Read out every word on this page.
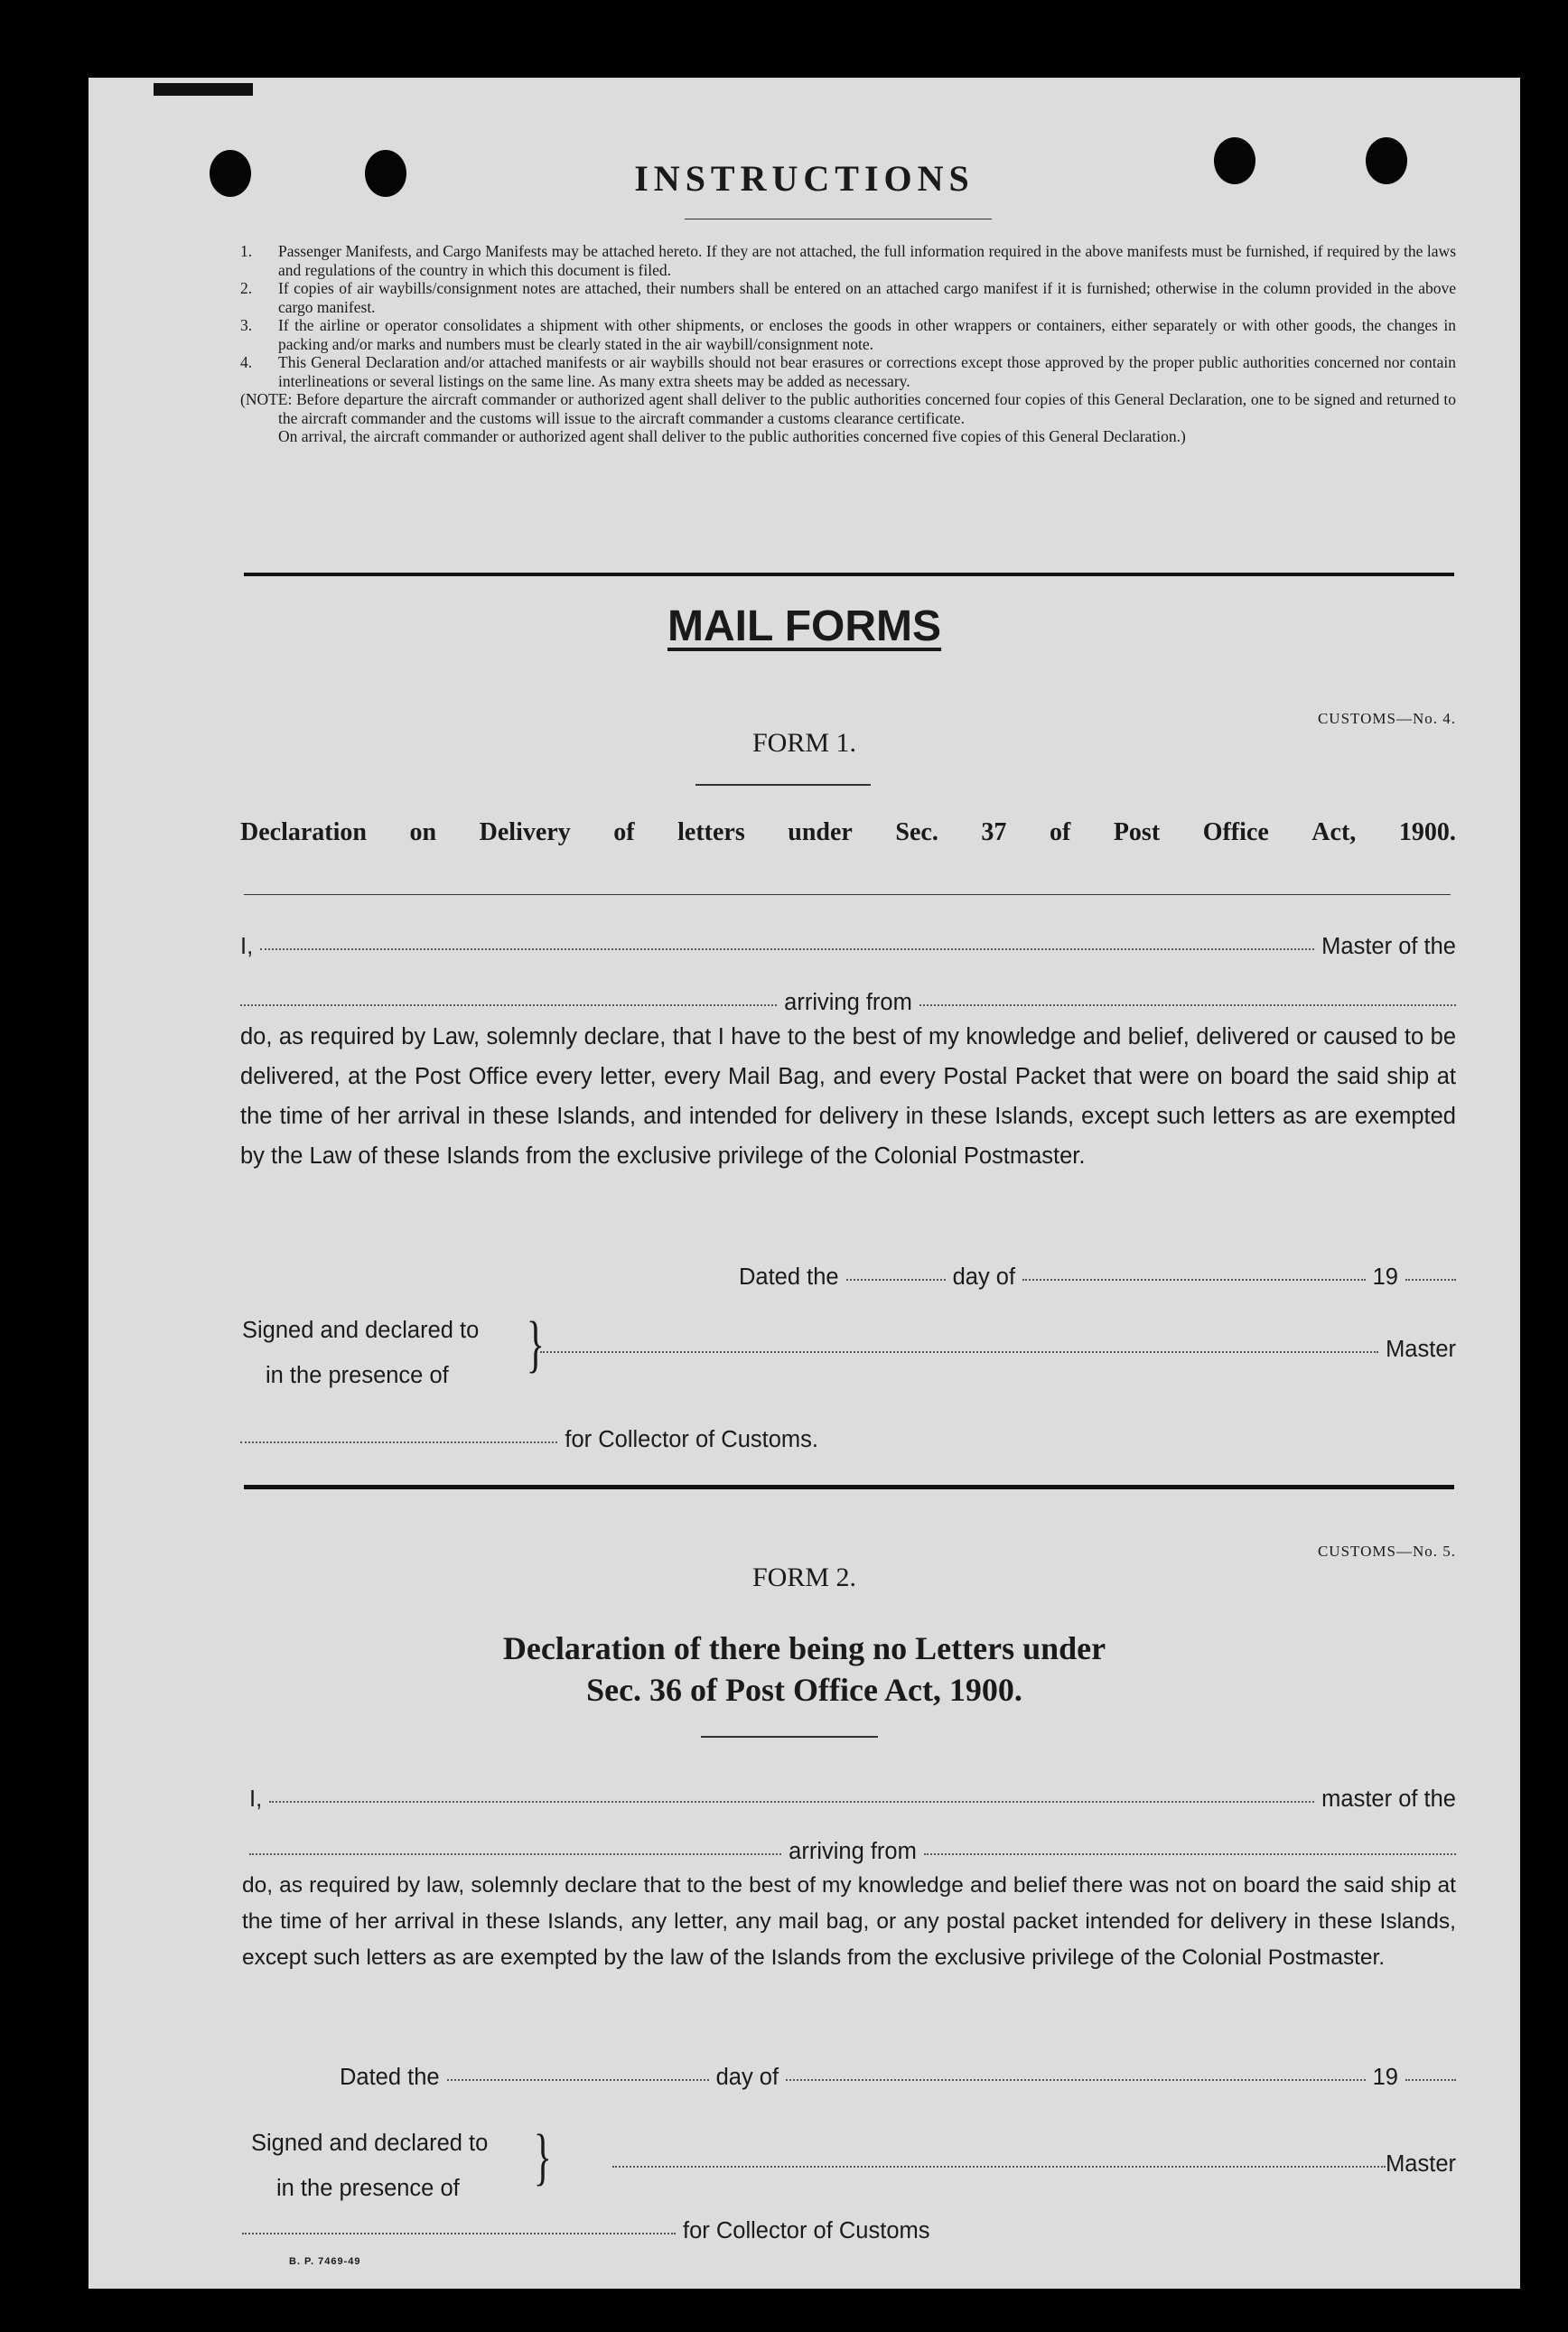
INSTRUCTIONS
1.	Passenger Manifests, and Cargo Manifests may be attached hereto. If they are not attached, the full information required in the above manifests must be furnished, if required by the laws and regulations of the country in which this document is filed.
2.	If copies of air waybills/consignment notes are attached, their numbers shall be entered on an attached cargo manifest if it is furnished; otherwise in the column provided in the above cargo manifest.
3.	If the airline or operator consolidates a shipment with other shipments, or encloses the goods in other wrappers or containers, either separately or with other goods, the changes in packing and/or marks and numbers must be clearly stated in the air waybill/consignment note.
4.	This General Declaration and/or attached manifests or air waybills should not bear erasures or corrections except those approved by the proper public authorities concerned nor contain interlineations or several listings on the same line. As many extra sheets may be added as necessary.
(NOTE: Before departure the aircraft commander or authorized agent shall deliver to the public authorities concerned four copies of this General Declaration, one to be signed and returned to the aircraft commander and the customs will issue to the aircraft commander a customs clearance certificate.
On arrival, the aircraft commander or authorized agent shall deliver to the public authorities concerned five copies of this General Declaration.)
MAIL FORMS
CUSTOMS—No. 4.
FORM 1.
Declaration on Delivery of letters under Sec. 37 of Post Office Act, 1900.
I,	Master of the
arriving from
do, as required by Law, solemnly declare, that I have to the best of my knowledge and belief, delivered or caused to be delivered, at the Post Office every letter, every Mail Bag, and every Postal Packet that were on board the said ship at the time of her arrival in these Islands, and intended for delivery in these Islands, except such letters as are exempted by the Law of these Islands from the exclusive privilege of the Colonial Postmaster.
Dated the	day of	19
Signed and declared to
in the presence of	}	Master
for Collector of Customs.
CUSTOMS—No. 5.
FORM 2.
Declaration of there being no Letters under
Sec. 36 of Post Office Act, 1900.
I,	master of the
arriving from
do, as required by law, solemnly declare that to the best of my knowledge and belief there was not on board the said ship at the time of her arrival in these Islands, any letter, any mail bag, or any postal packet intended for delivery in these Islands, except such letters as are exempted by the law of the Islands from the exclusive privilege of the Colonial Postmaster.
Dated the	day of	19
Signed and declared to
in the presence of	}	Master
for Collector of Customs
B. P. 7469-49
